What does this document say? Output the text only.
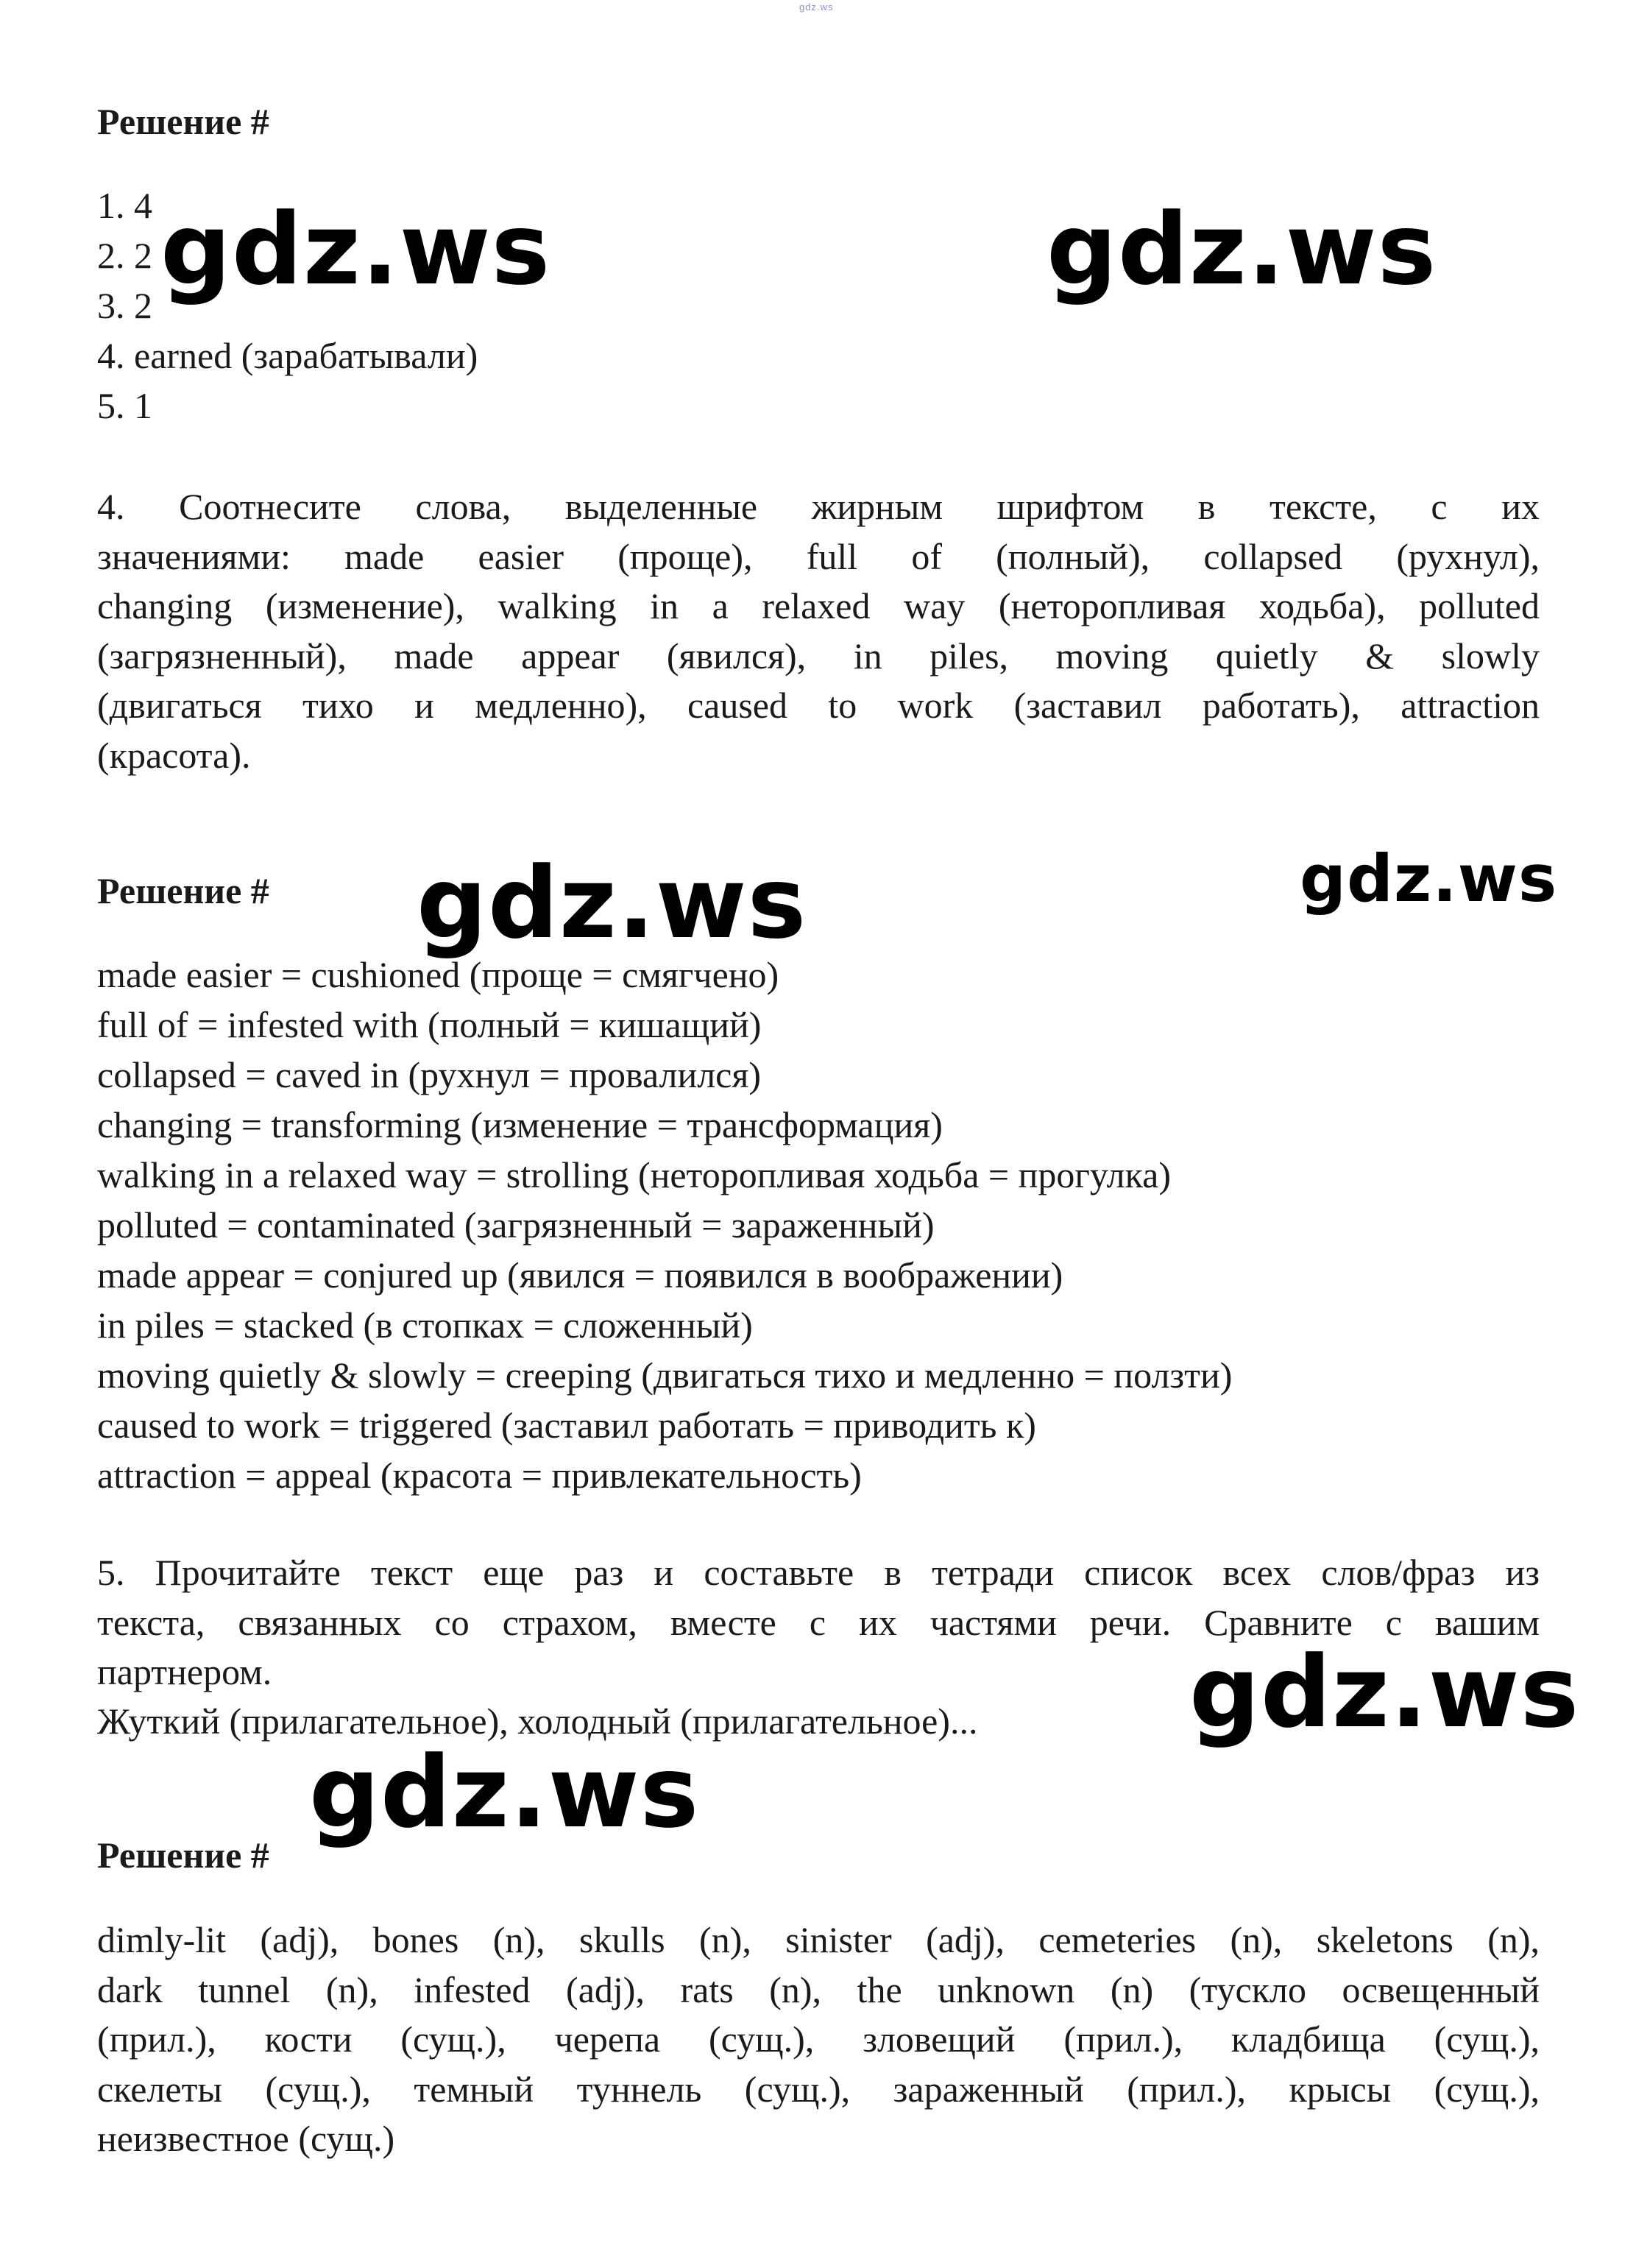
gdz.ws
Решение #
1. 4
2. 2
3. 2
4. earned (зарабатывали)
5. 1
4. Соотнесите слова, выделенные жирным шрифтом в тексте, с их
значениями: made easier (проще), full of (полный), collapsed (рухнул),
changing (изменение), walking in a relaxed way (неторопливая ходьба), polluted
(загрязненный), made appear (явился), in piles, moving quietly & slowly
(двигаться тихо и медленно), caused to work (заставил работать), attraction
(красота).
Решение #
made easier = cushioned (проще = смягчено)
full of = infested with (полный = кишащий)
collapsed = caved in (рухнул = провалился)
changing = transforming (изменение = трансформация)
walking in a relaxed way = strolling (неторопливая ходьба = прогулка)
polluted = contaminated (загрязненный = зараженный)
made appear = conjured up (явился = появился в воображении)
in piles = stacked (в стопках = сложенный)
moving quietly & slowly = creeping (двигаться тихо и медленно = ползти)
caused to work = triggered (заставил работать = приводить к)
attraction = appeal (красота = привлекательность)
5. Прочитайте текст еще раз и составьте в тетради список всех слов/фраз из
текста, связанных со страхом, вместе с их частями речи. Сравните с вашим
партнером.
Жуткий (прилагательное), холодный (прилагательное)...
Решение #
dimly-lit (adj), bones (n), skulls (n), sinister (adj), cemeteries (n), skeletons (n),
dark tunnel (n), infested (adj), rats (n), the unknown (n) (тускло освещенный
(прил.), кости (сущ.), черепа (сущ.), зловещий (прил.), кладбища (сущ.),
скелеты (сущ.), темный туннель (сущ.), зараженный (прил.), крысы (сущ.),
неизвестное (сущ.)
gdz.ws	gdz.ws
gdz.ws	gdz.ws
gdz.ws
gdz.ws
